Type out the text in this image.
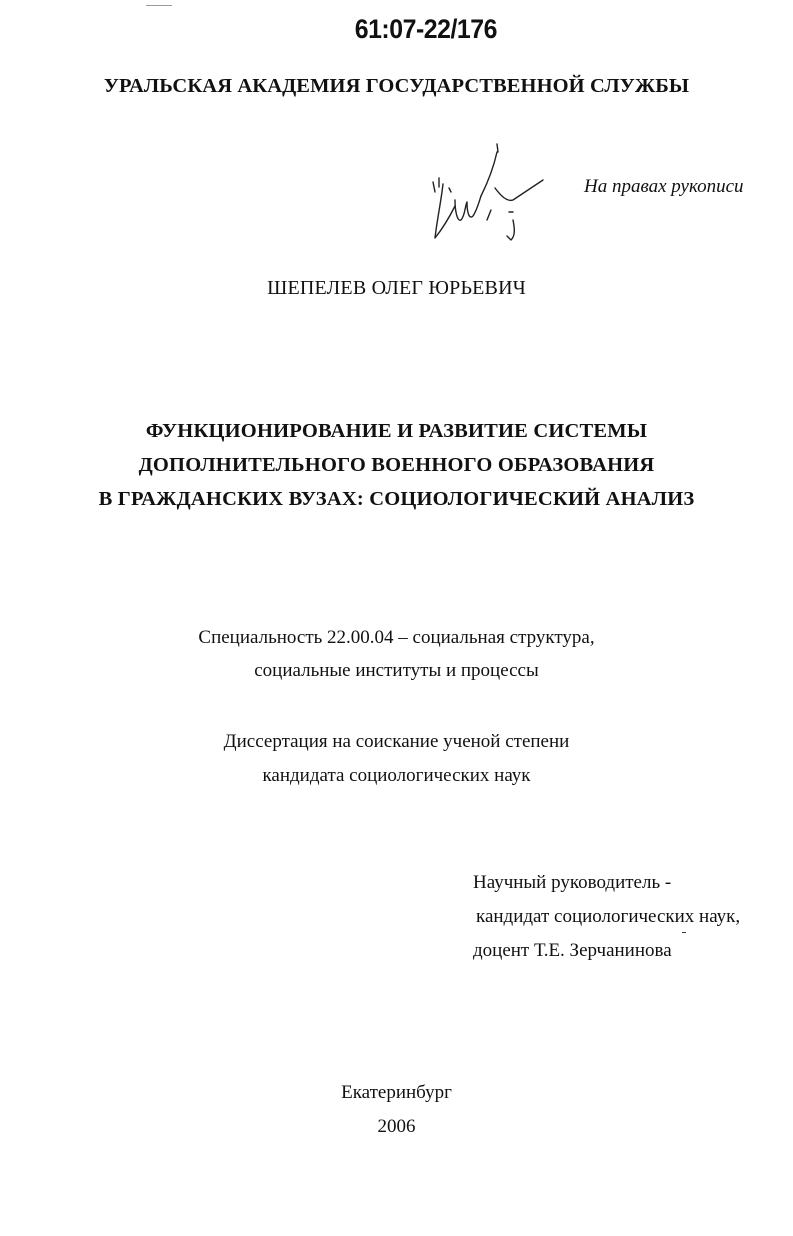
61:07-22/176
УРАЛЬСКАЯ АКАДЕМИЯ ГОСУДАРСТВЕННОЙ СЛУЖБЫ
На правах рукописи
ШЕПЕЛЕВ ОЛЕГ ЮРЬЕВИЧ
ФУНКЦИОНИРОВАНИЕ И РАЗВИТИЕ СИСТЕМЫ
ДОПОЛНИТЕЛЬНОГО ВОЕННОГО ОБРАЗОВАНИЯ
В ГРАЖДАНСКИХ ВУЗАХ: СОЦИОЛОГИЧЕСКИЙ АНАЛИЗ
Специальность 22.00.04 – социальная структура,
социальные институты и процессы
Диссертация на соискание ученой степени
кандидата социологических наук
Научный руководитель -
кандидат социологических наук,
доцент Т.Е. Зерчанинова
Екатеринбург
2006
